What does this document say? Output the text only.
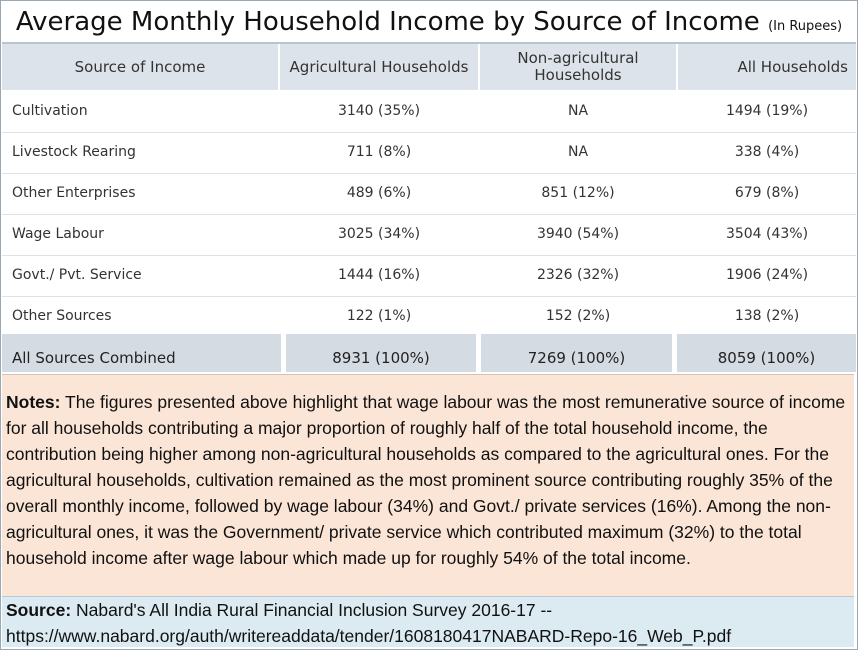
Average Monthly Household Income by Source of Income (In Rupees)
Source of Income	Agricultural Households	Non-agricultural Households	All Households
Cultivation	3140 (35%)	NA	1494 (19%)
Livestock Rearing	711 (8%)	NA	338 (4%)
Other Enterprises	489 (6%)	851 (12%)	679 (8%)
Wage Labour	3025 (34%)	3940 (54%)	3504 (43%)
Govt./ Pvt. Service	1444 (16%)	2326 (32%)	1906 (24%)
Other Sources	122 (1%)	152 (2%)	138 (2%)
All Sources Combined	8931 (100%)	7269 (100%)	8059 (100%)
Notes: The figures presented above highlight that wage labour was the most remunerative source of income for all households contributing a major proportion of roughly half of the total household income, the contribution being higher among non-agricultural households as compared to the agricultural ones. For the agricultural households, cultivation remained as the most prominent source contributing roughly 35% of the overall monthly income, followed by wage labour (34%) and Govt./ private services (16%). Among the non-agricultural ones, it was the Government/ private service which contributed maximum (32%) to the total household income after wage labour which made up for roughly 54% of the total income.
Source: Nabard's All India Rural Financial Inclusion Survey 2016-17 --
https://www.nabard.org/auth/writereaddata/tender/1608180417NABARD-Repo-16_Web_P.pdf
